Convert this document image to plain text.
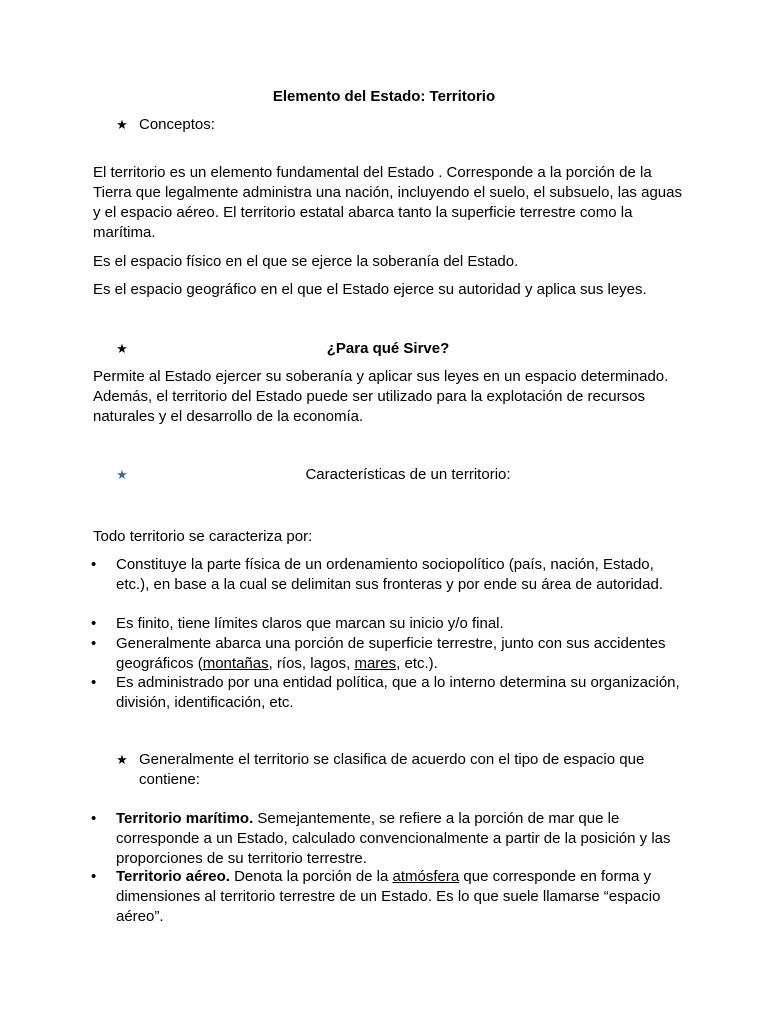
Elemento del Estado: Territorio
★ Conceptos:
El territorio es un elemento fundamental del Estado . Corresponde a la porción de la Tierra que legalmente administra una nación, incluyendo el suelo, el subsuelo, las aguas y el espacio aéreo. El territorio estatal abarca tanto la superficie terrestre como la marítima.
Es el espacio físico en el que se ejerce la soberanía del Estado.
Es el espacio geográfico en el que el Estado ejerce su autoridad y aplica sus leyes.
★	¿Para qué Sirve?
Permite al Estado ejercer su soberanía y aplicar sus leyes en un espacio determinado. Además, el territorio del Estado puede ser utilizado para la explotación de recursos naturales y el desarrollo de la economía.
★	Características de un territorio:
Todo territorio se caracteriza por:
•	Constituye la parte física de un ordenamiento sociopolítico (país, nación, Estado, etc.), en base a la cual se delimitan sus fronteras y por ende su área de autoridad.
•	Es finito, tiene límites claros que marcan su inicio y/o final.
•	Generalmente abarca una porción de superficie terrestre, junto con sus accidentes geográficos (montañas, ríos, lagos, mares, etc.).
•	Es administrado por una entidad política, que a lo interno determina su organización, división, identificación, etc.
★ Generalmente el territorio se clasifica de acuerdo con el tipo de espacio que contiene:
•	Territorio marítimo. Semejantemente, se refiere a la porción de mar que le corresponde a un Estado, calculado convencionalmente a partir de la posición y las proporciones de su territorio terrestre.
•	Territorio aéreo. Denota la porción de la atmósfera que corresponde en forma y dimensiones al territorio terrestre de un Estado. Es lo que suele llamarse “espacio aéreo”.
